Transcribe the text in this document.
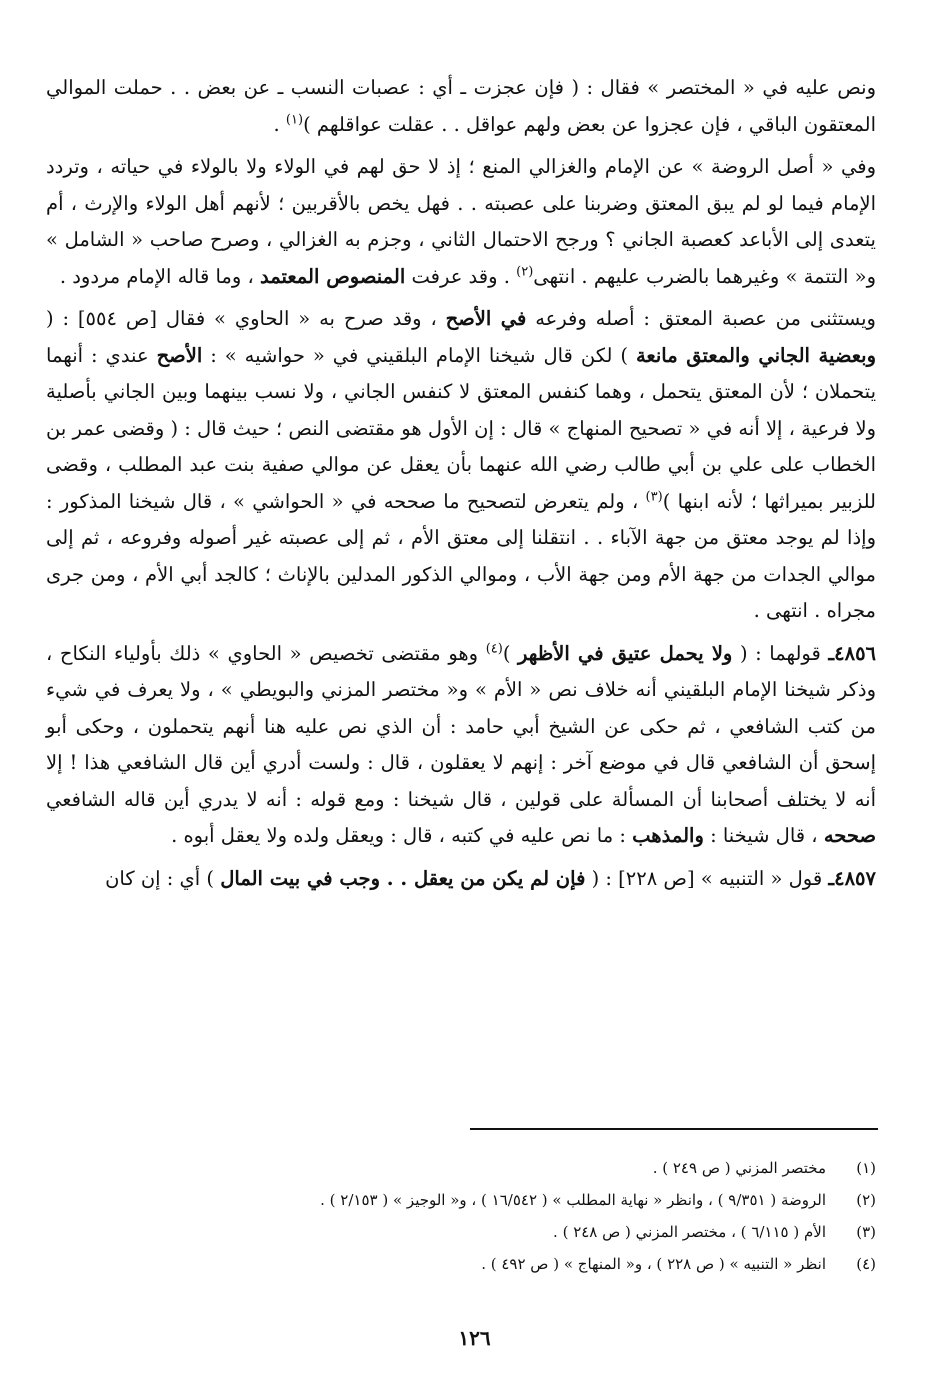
ونص عليه في « المختصر » فقال : ( فإن عجزت ـ أي : عصبات النسب ـ عن بعض . . حملت الموالي المعتقون الباقي ، فإن عجزوا عن بعض ولهم عواقل . . عقلت عواقلهم )$^{(١)}$ .

وفي « أصل الروضة » عن الإمام والغزالي المنع ؛ إذ لا حق لهم في الولاء ولا بالولاء في حياته ، وتردد الإمام فيما لو لم يبق المعتق وضربنا على عصبته . . فهل يخص بالأقربين ؛ لأنهم أهل الولاء والإرث ، أم يتعدى إلى الأباعد كعصبة الجاني ؟ ورجح الاحتمال الثاني ، وجزم به الغزالي ، وصرح صاحب « الشامل » و« التتمة » وغيرهما بالضرب عليهم . انتهى$^{(٢)}$ . وقد عرفت المنصوص المعتمد ، وما قاله الإمام مردود .

ويستثنى من عصبة المعتق : أصله وفرعه في الأصح ، وقد صرح به « الحاوي » فقال [ص ٥٥٤] : ( وبعضية الجاني والمعتق مانعة ) لكن قال شيخنا الإمام البلقيني في « حواشيه » : الأصح عندي : أنهما يتحملان ؛ لأن المعتق يتحمل ، وهما كنفس المعتق لا كنفس الجاني ، ولا نسب بينهما وبين الجاني بأصلية ولا فرعية ، إلا أنه في « تصحيح المنهاج » قال : إن الأول هو مقتضى النص ؛ حيث قال : ( وقضى عمر بن الخطاب على علي بن أبي طالب رضي الله عنهما بأن يعقل عن موالي صفية بنت عبد المطلب ، وقضى للزبير بميراثها ؛ لأنه ابنها )$^{(٣)}$ ، ولم يتعرض لتصحيح ما صححه في « الحواشي » ، قال شيخنا المذكور : وإذا لم يوجد معتق من جهة الآباء . . انتقلنا إلى معتق الأم ، ثم إلى عصبته غير أصوله وفروعه ، ثم إلى موالي الجدات من جهة الأم ومن جهة الأب ، وموالي الذكور المدلين بالإناث ؛ كالجد أبي الأم ، ومن جرى مجراه . انتهى .

٤٨٥٦ـ قولهما : ( ولا يحمل عتيق في الأظهر )$^{(٤)}$ وهو مقتضى تخصيص « الحاوي » ذلك بأولياء النكاح ، وذكر شيخنا الإمام البلقيني أنه خلاف نص « الأم » و« مختصر المزني والبويطي » ، ولا يعرف في شيء من كتب الشافعي ، ثم حكى عن الشيخ أبي حامد : أن الذي نص عليه هنا أنهم يتحملون ، وحكى أبو إسحق أن الشافعي قال في موضع آخر : إنهم لا يعقلون ، قال : ولست أدري أين قال الشافعي هذا ! إلا أنه لا يختلف أصحابنا أن المسألة على قولين ، قال شيخنا : ومع قوله : أنه لا يدري أين قاله الشافعي صححه ، قال شيخنا : والمذهب : ما نص عليه في كتبه ، قال : ويعقل ولده ولا يعقل أبوه .

٤٨٥٧ـ قول « التنبيه » [ص ٢٢٨] : ( فإن لم يكن من يعقل . . وجب في بيت المال ) أي : إن كان

(١)
مختصر المزني ( ص ٢٤٩ ) .
(٢)
الروضة ( ٩/٣٥١ ) ، وانظر « نهاية المطلب » ( ١٦/٥٤٢ ) ، و« الوجيز » ( ٢/١٥٣ ) .
(٣)
الأم ( ٦/١١٥ ) ، مختصر المزني ( ص ٢٤٨ ) .
(٤)
انظر « التنبيه » ( ص ٢٢٨ ) ، و« المنهاج » ( ص ٤٩٢ ) .
١٢٦
